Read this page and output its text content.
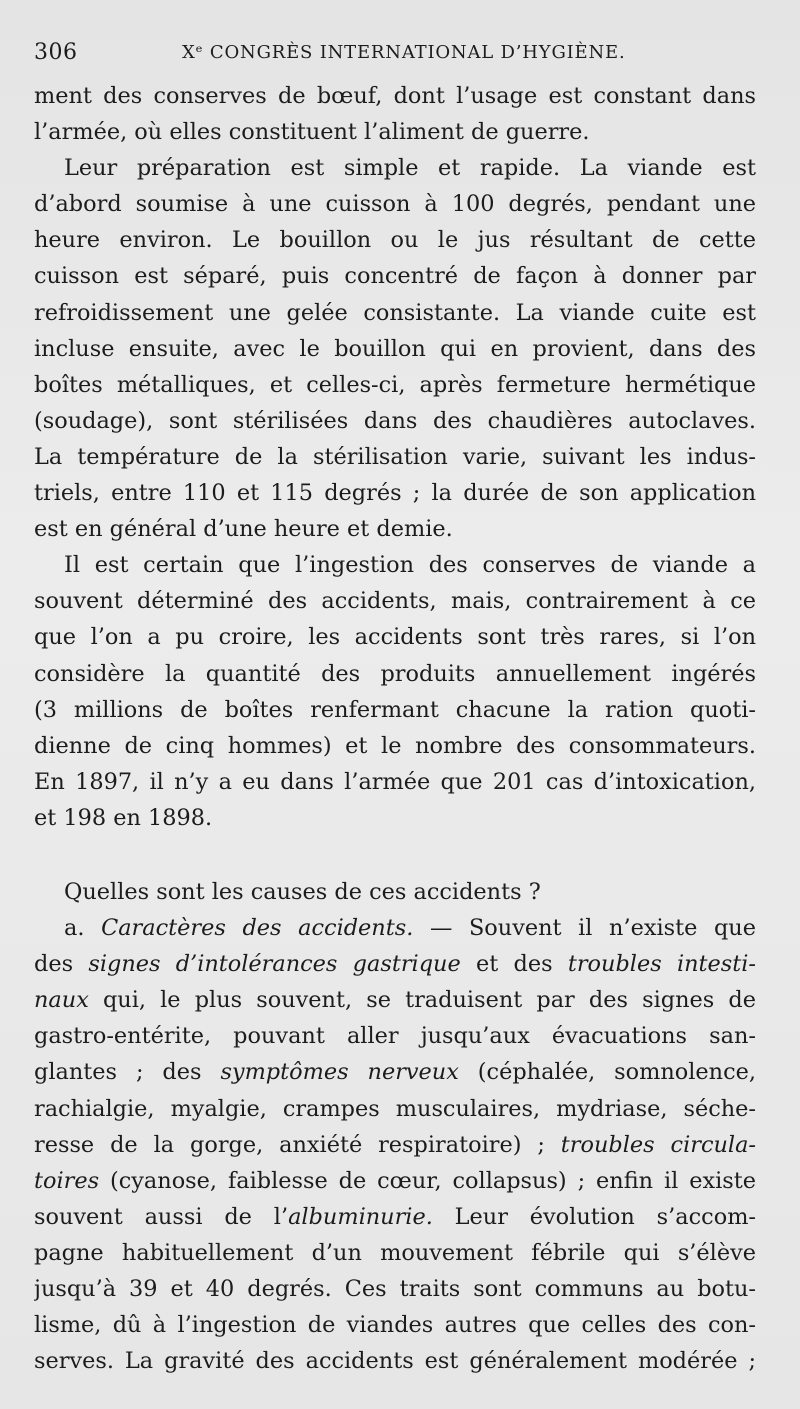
306	Xᵉ CONGRÈS INTERNATIONAL D’HYGIÈNE.
ment des conserves de bœuf, dont l’usage est constant dans
l’armée, où elles constituent l’aliment de guerre.
Leur préparation est simple et rapide. La viande est
d’abord soumise à une cuisson à 100 degrés, pendant une
heure environ. Le bouillon ou le jus résultant de cette
cuisson est séparé, puis concentré de façon à donner par
refroidissement une gelée consistante. La viande cuite est
incluse ensuite, avec le bouillon qui en provient, dans des
boîtes métalliques, et celles-ci, après fermeture hermétique
(soudage), sont stérilisées dans des chaudières autoclaves.
La température de la stérilisation varie, suivant les indus-
triels, entre 110 et 115 degrés ; la durée de son application
est en général d’une heure et demie.
Il est certain que l’ingestion des conserves de viande a
souvent déterminé des accidents, mais, contrairement à ce
que l’on a pu croire, les accidents sont très rares, si l’on
considère la quantité des produits annuellement ingérés
(3 millions de boîtes renfermant chacune la ration quoti-
dienne de cinq hommes) et le nombre des consommateurs.
En 1897, il n’y a eu dans l’armée que 201 cas d’intoxication,
et 198 en 1898.
Quelles sont les causes de ces accidents ?
a. Caractères des accidents. — Souvent il n’existe que
des signes d’intolérances gastrique et des troubles intesti-
naux qui, le plus souvent, se traduisent par des signes de
gastro-entérite, pouvant aller jusqu’aux évacuations san-
glantes ; des symptômes nerveux (céphalée, somnolence,
rachialgie, myalgie, crampes musculaires, mydriase, séche-
resse de la gorge, anxiété respiratoire) ; troubles circula-
toires (cyanose, faiblesse de cœur, collapsus) ; enfin il existe
souvent aussi de l’albuminurie. Leur évolution s’accom-
pagne habituellement d’un mouvement fébrile qui s’élève
jusqu’à 39 et 40 degrés. Ces traits sont communs au botu-
lisme, dû à l’ingestion de viandes autres que celles des con-
serves. La gravité des accidents est généralement modérée ;
